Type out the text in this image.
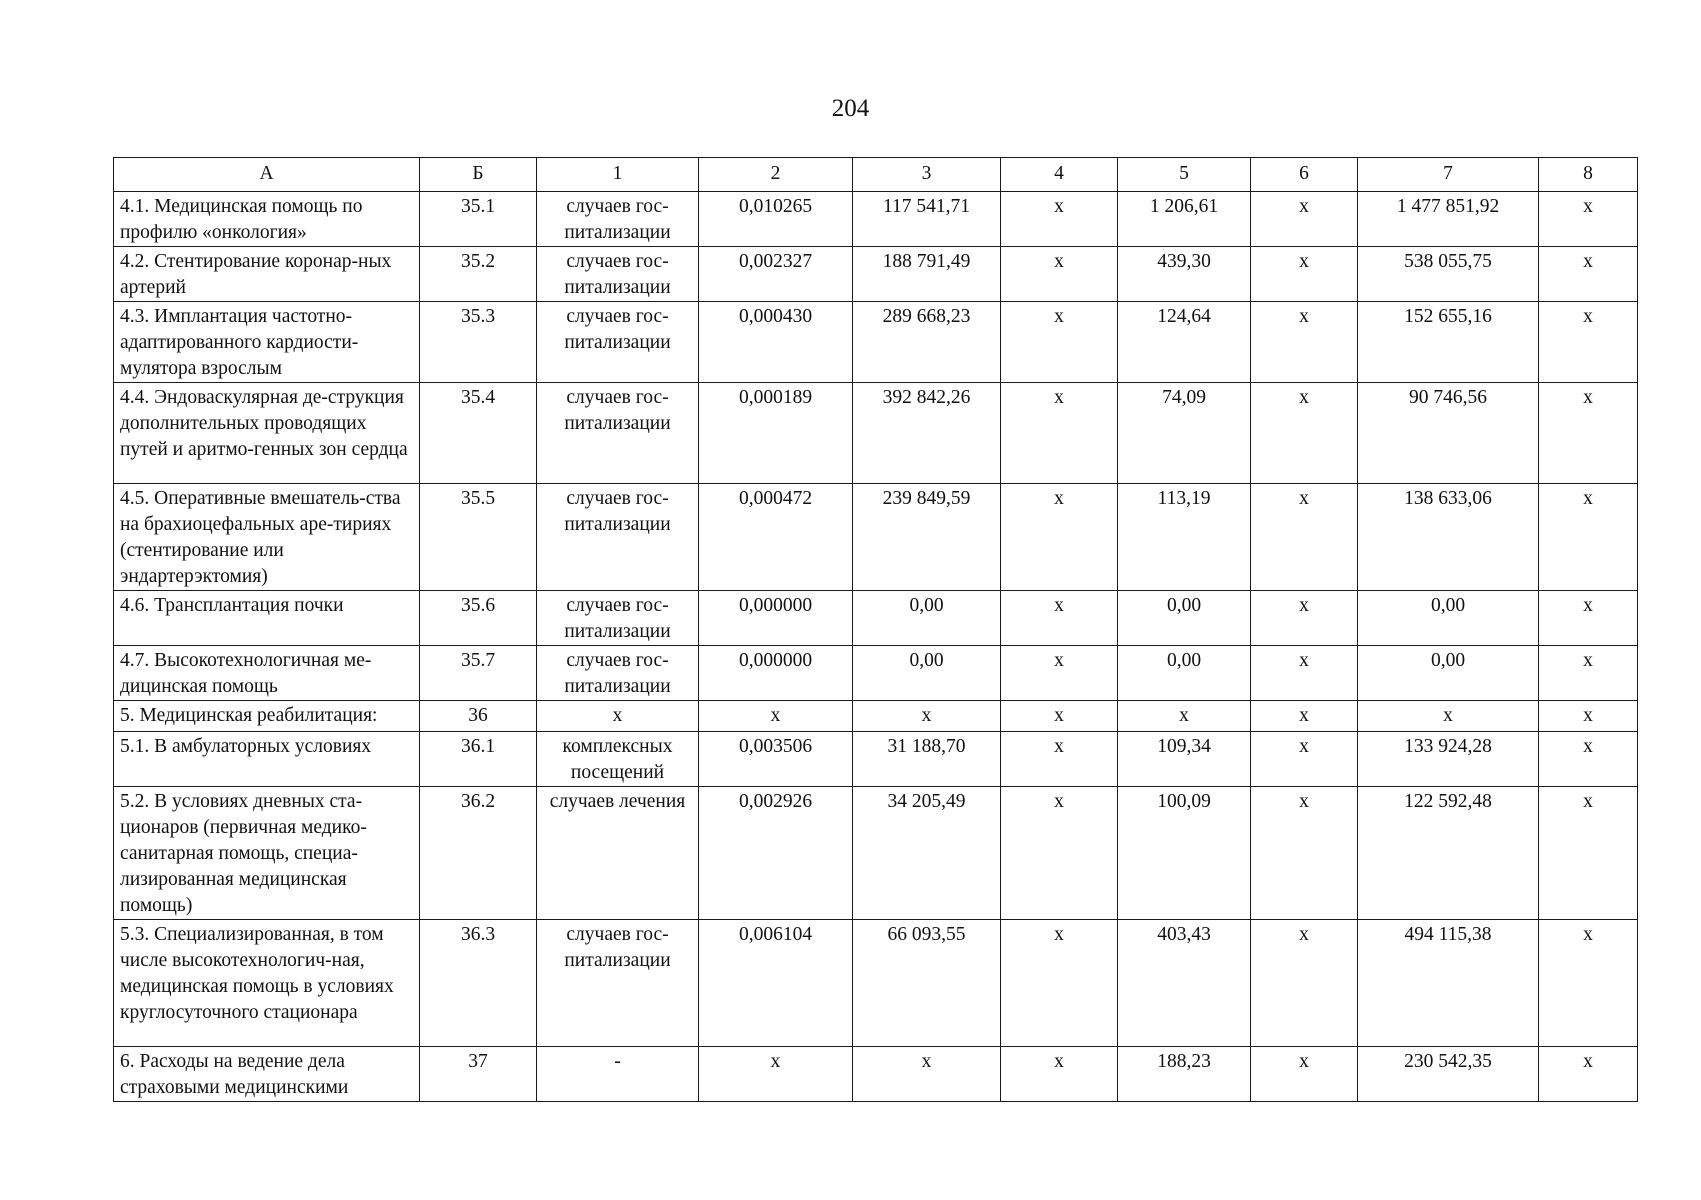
204
А	Б	1	2	3	4	5	6	7	8
4.1. Медицинская помощь по профилю «онкология»	35.1	случаев гос-питализации	0,010265	117 541,71	x	1 206,61	x	1 477 851,92	x
4.2. Стентирование коронар-ных артерий	35.2	случаев гос-питализации	0,002327	188 791,49	x	439,30	x	538 055,75	x
4.3. Имплантация частотно-адаптированного кардиости-мулятора взрослым	35.3	случаев гос-питализации	0,000430	289 668,23	x	124,64	x	152 655,16	x
4.4. Эндоваскулярная де-струкция дополнительных проводящих путей и аритмо-генных зон сердца	35.4	случаев гос-питализации	0,000189	392 842,26	x	74,09	x	90 746,56	x
4.5. Оперативные вмешатель-ства на брахиоцефальных аре-тириях (стентирование или эндартерэктомия)	35.5	случаев гос-питализации	0,000472	239 849,59	x	113,19	x	138 633,06	x
4.6. Трансплантация почки	35.6	случаев гос-питализации	0,000000	0,00	x	0,00	x	0,00	x
4.7. Высокотехнологичная ме-дицинская помощь	35.7	случаев гос-питализации	0,000000	0,00	x	0,00	x	0,00	x
5. Медицинская реабилитация:	36	x	x	x	x	x	x	x	x
5.1. В амбулаторных условиях	36.1	комплексных посещений	0,003506	31 188,70	x	109,34	x	133 924,28	x
5.2. В условиях дневных ста-ционаров (первичная медико-санитарная помощь, специа-лизированная медицинская помощь)	36.2	случаев лечения	0,002926	34 205,49	x	100,09	x	122 592,48	x
5.3. Специализированная, в том числе высокотехнологич-ная, медицинская помощь в условиях круглосуточного стационара	36.3	случаев гос-питализации	0,006104	66 093,55	x	403,43	x	494 115,38	x
6. Расходы на ведение дела страховыми медицинскими	37	-	x	x	x	188,23	x	230 542,35	x
